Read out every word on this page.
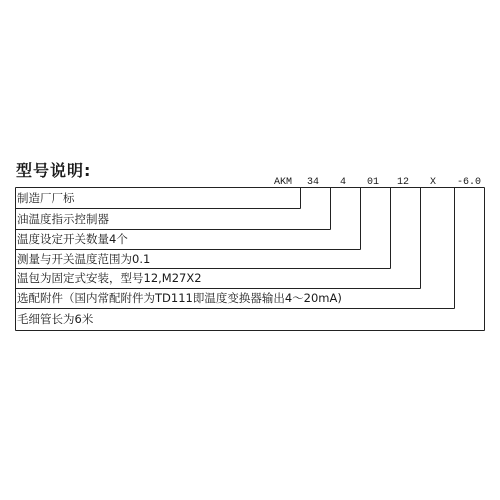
型号说明:
AKM 34 4 01 12 X -6.0
制造厂厂标
油温度指示控制器
温度设定开关数量4个
测量与开关温度范围为0.1
温包为固定式安装，型号12,M27X2
选配附件（国内常配附件为TD111即温度变换器输出4～20mA)
毛细管长为6米
